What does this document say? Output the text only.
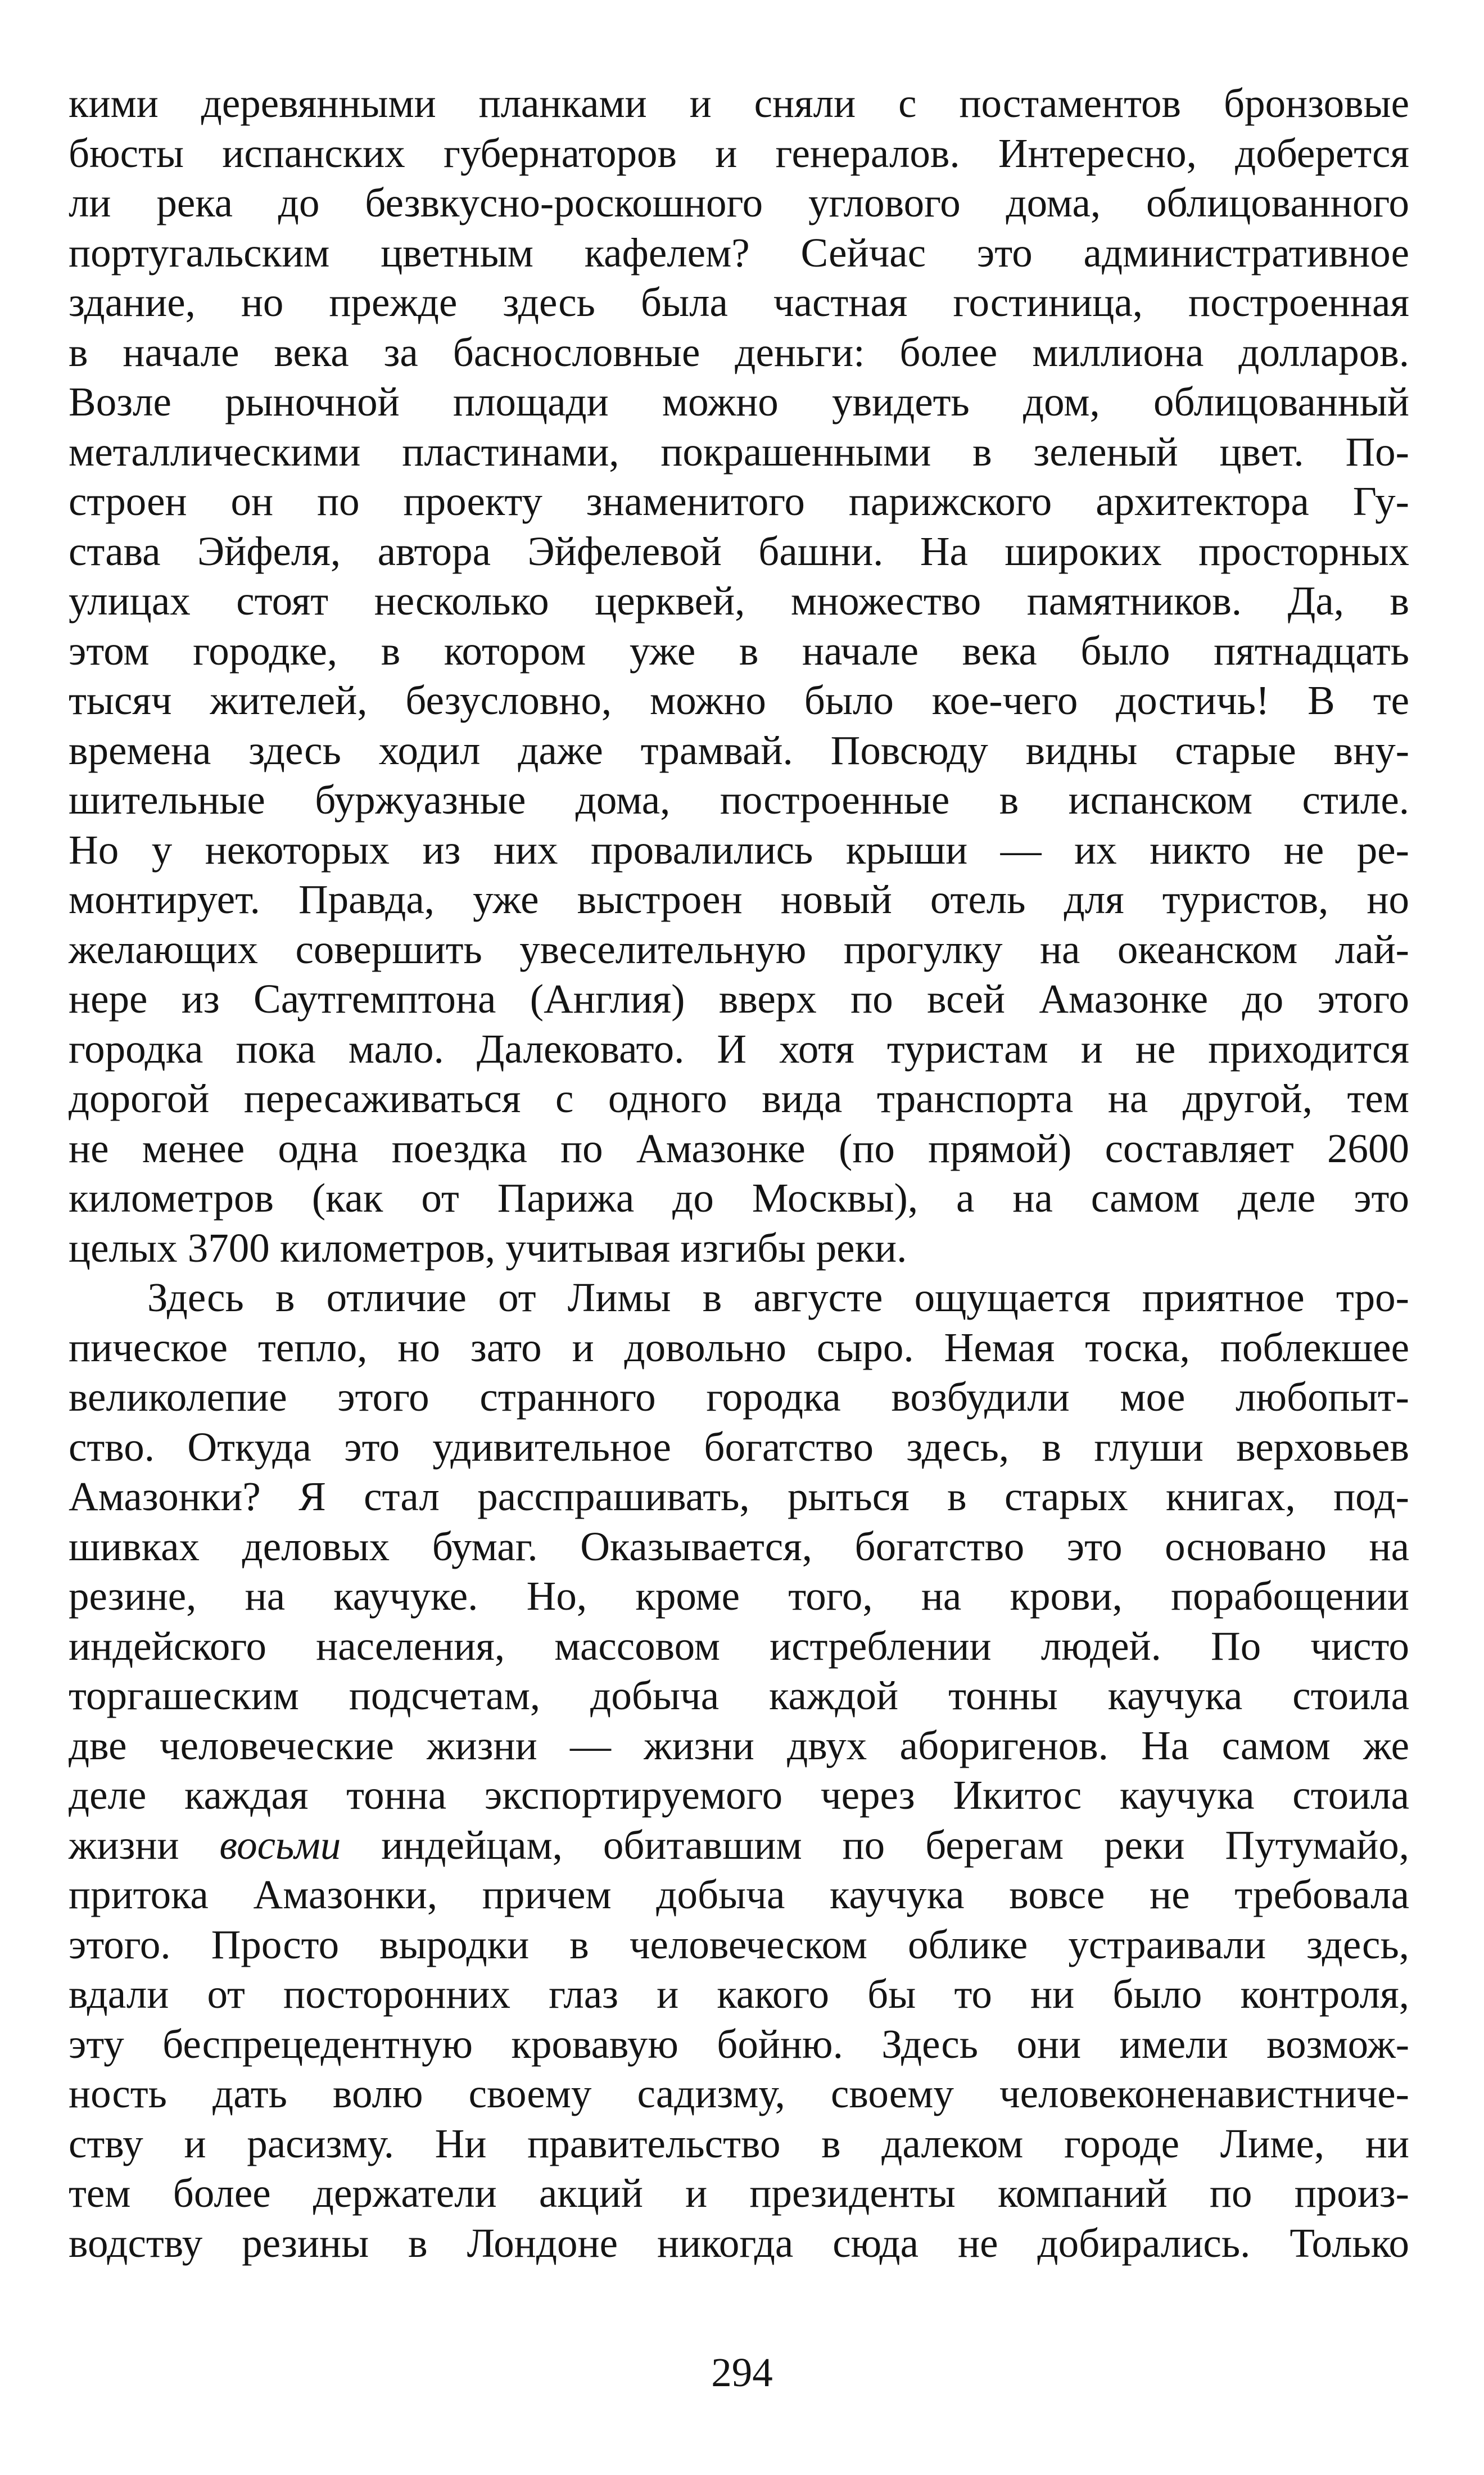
кими деревянными планками и сняли с постаментов бронзовые
бюсты испанских губернаторов и генералов. Интересно, доберется
ли река до безвкусно-роскошного углового дома, облицованного
португальским цветным кафелем? Сейчас это административное
здание, но прежде здесь была частная гостиница, построенная
в начале века за баснословные деньги: более миллиона долларов.
Возле рыночной площади можно увидеть дом, облицованный
металлическими пластинами, покрашенными в зеленый цвет. По-
строен он по проекту знаменитого парижского архитектора Гу-
става Эйфеля, автора Эйфелевой башни. На широких просторных
улицах стоят несколько церквей, множество памятников. Да, в
этом городке, в котором уже в начале века было пятнадцать
тысяч жителей, безусловно, можно было кое-чего достичь! В те
времена здесь ходил даже трамвай. Повсюду видны старые вну-
шительные буржуазные дома, построенные в испанском стиле.
Но у некоторых из них провалились крыши — их никто не ре-
монтирует. Правда, уже выстроен новый отель для туристов, но
желающих совершить увеселительную прогулку на океанском лай-
нере из Саутгемптона (Англия) вверх по всей Амазонке до этого
городка пока мало. Далековато. И хотя туристам и не приходится
дорогой пересаживаться с одного вида транспорта на другой, тем
не менее одна поездка по Амазонке (по прямой) составляет 2600
километров (как от Парижа до Москвы), а на самом деле это
целых 3700 километров, учитывая изгибы реки.
Здесь в отличие от Лимы в августе ощущается приятное тро-
пическое тепло, но зато и довольно сыро. Немая тоска, поблекшее
великолепие этого странного городка возбудили мое любопыт-
ство. Откуда это удивительное богатство здесь, в глуши верховьев
Амазонки? Я стал расспрашивать, рыться в старых книгах, под-
шивках деловых бумаг. Оказывается, богатство это основано на
резине, на каучуке. Но, кроме того, на крови, порабощении
индейского населения, массовом истреблении людей. По чисто
торгашеским подсчетам, добыча каждой тонны каучука стоила
две человеческие жизни — жизни двух аборигенов. На самом же
деле каждая тонна экспортируемого через Икитос каучука стоила
жизни восьми индейцам, обитавшим по берегам реки Путумайо,
притока Амазонки, причем добыча каучука вовсе не требовала
этого. Просто выродки в человеческом облике устраивали здесь,
вдали от посторонних глаз и какого бы то ни было контроля,
эту беспрецедентную кровавую бойню. Здесь они имели возмож-
ность дать волю своему садизму, своему человеконенавистниче-
ству и расизму. Ни правительство в далеком городе Лиме, ни
тем более держатели акций и президенты компаний по произ-
водству резины в Лондоне никогда сюда не добирались. Только
294
